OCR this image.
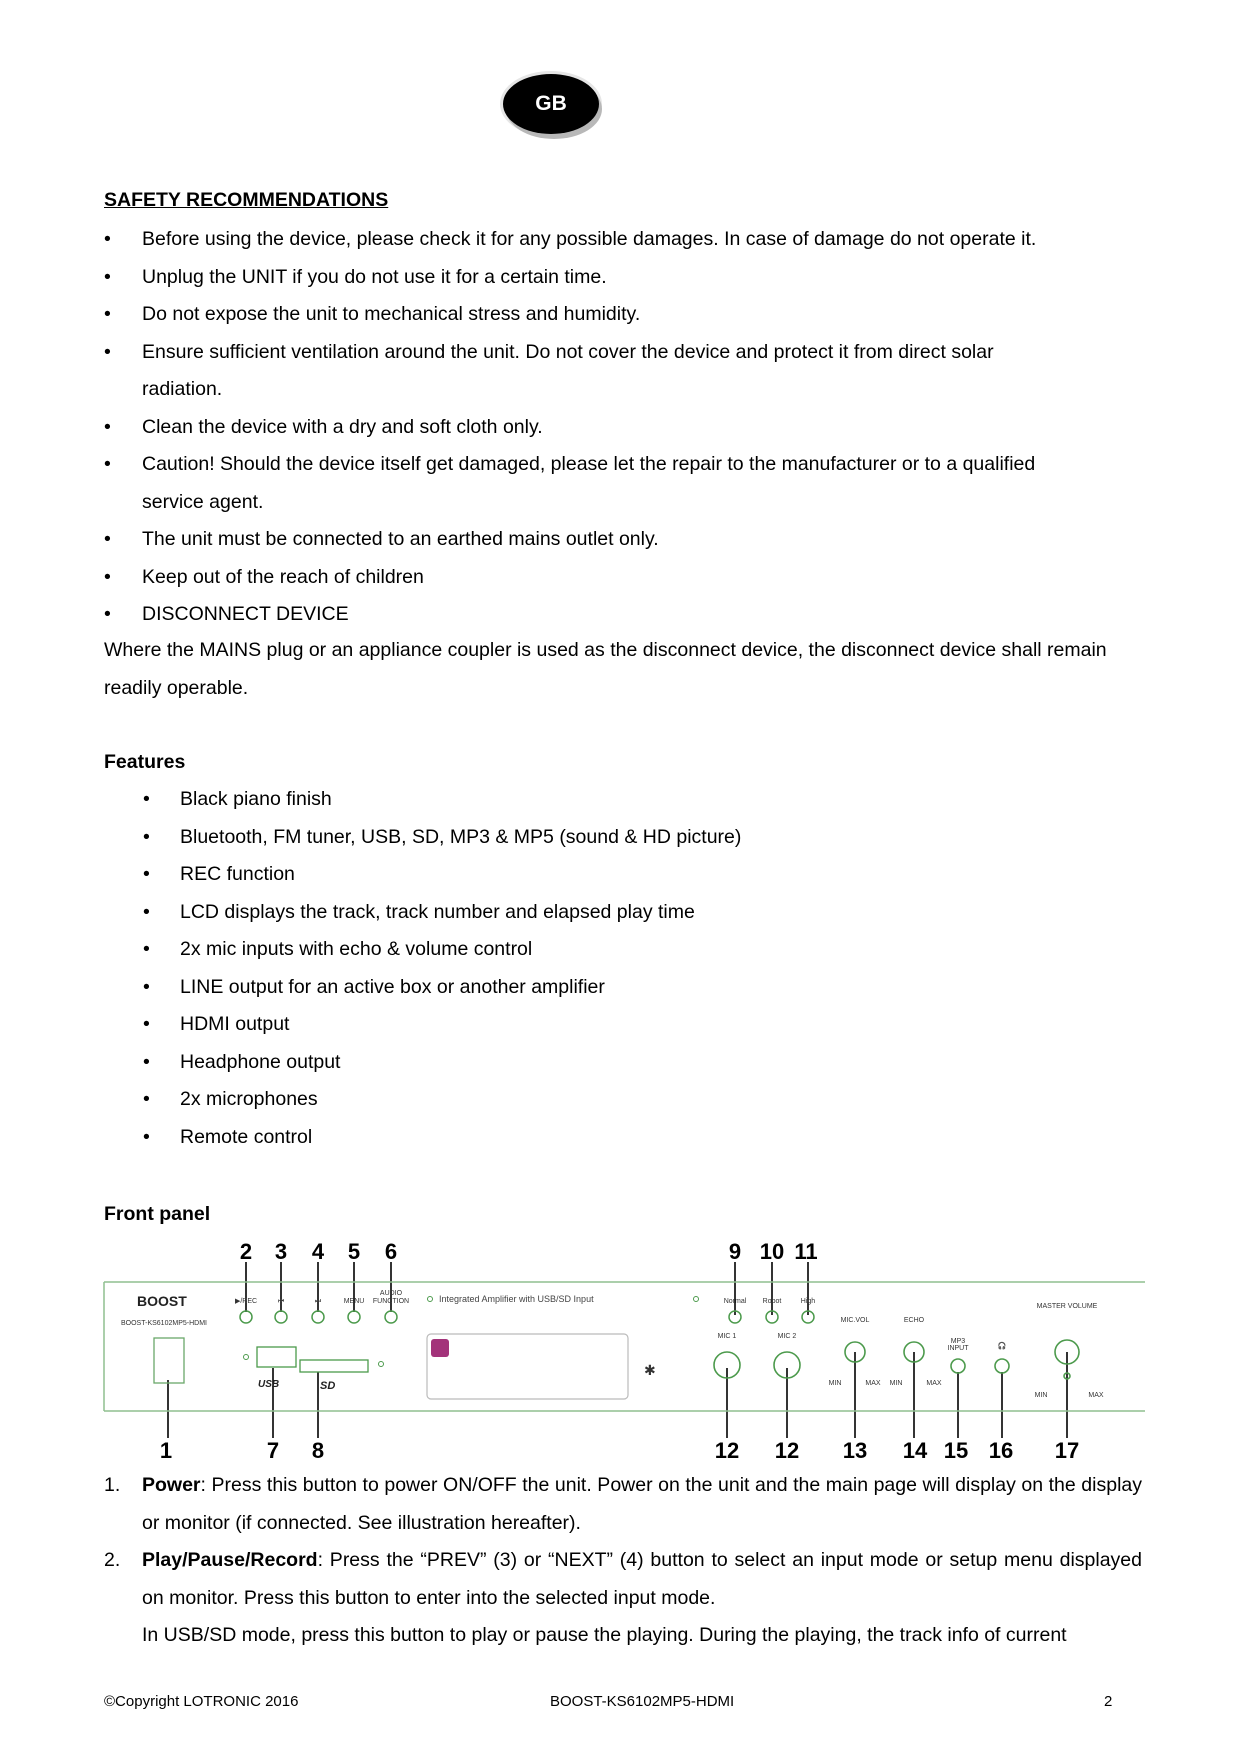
GB
SAFETY RECOMMENDATIONS
• Before using the device, please check it for any possible damages. In case of damage do not operate it.
• Unplug the UNIT if you do not use it for a certain time.
• Do not expose the unit to mechanical stress and humidity.
• Ensure sufficient ventilation around the unit. Do not cover the device and protect it from direct solar
radiation.
• Clean the device with a dry and soft cloth only.
• Caution! Should the device itself get damaged, please let the repair to the manufacturer or to a qualified
service agent.
• The unit must be connected to an earthed mains outlet only.
• Keep out of the reach of children
• DISCONNECT DEVICE
Where the MAINS plug or an appliance coupler is used as the disconnect device, the disconnect device shall remain readily operable.
Features
• Black piano finish
• Bluetooth, FM tuner, USB, SD, MP3 & MP5 (sound & HD picture)
• REC function
• LCD displays the track, track number and elapsed play time
• 2x mic inputs with echo & volume control
• LINE output for an active box or another amplifier
• HDMI output
• Headphone output
• 2x microphones
• Remote control
Front panel
2 3 4 5 6	9 10 11
1	7 8	12 12 13 14 15 16 17
BOOST
BOOST-KS6102MP5-HDMI
▶/REC	⏮	⏭	MENU
AUDIO
FUNCTION	Normal Robot	High
Integrated Amplifier with USB/SD Input
USB	SD
✱
MIC 1	MIC 2
MIC.VOL	ECHO
MP3
INPUT	🎧
MASTER VOLUME
MIN	MAX MIN	MAX
MIN	MAX
1. Power: Press this button to power ON/OFF the unit. Power on the unit and the main page will display on the display or monitor (if connected. See illustration hereafter).
2. Play/Pause/Record: Press the “PREV” (3) or “NEXT” (4) button to select an input mode or setup menu displayed on monitor. Press this button to enter into the selected input mode.
In USB/SD mode, press this button to play or pause the playing. During the playing, the track info of current
©Copyright LOTRONIC 2016	BOOST-KS6102MP5-HDMI	2
